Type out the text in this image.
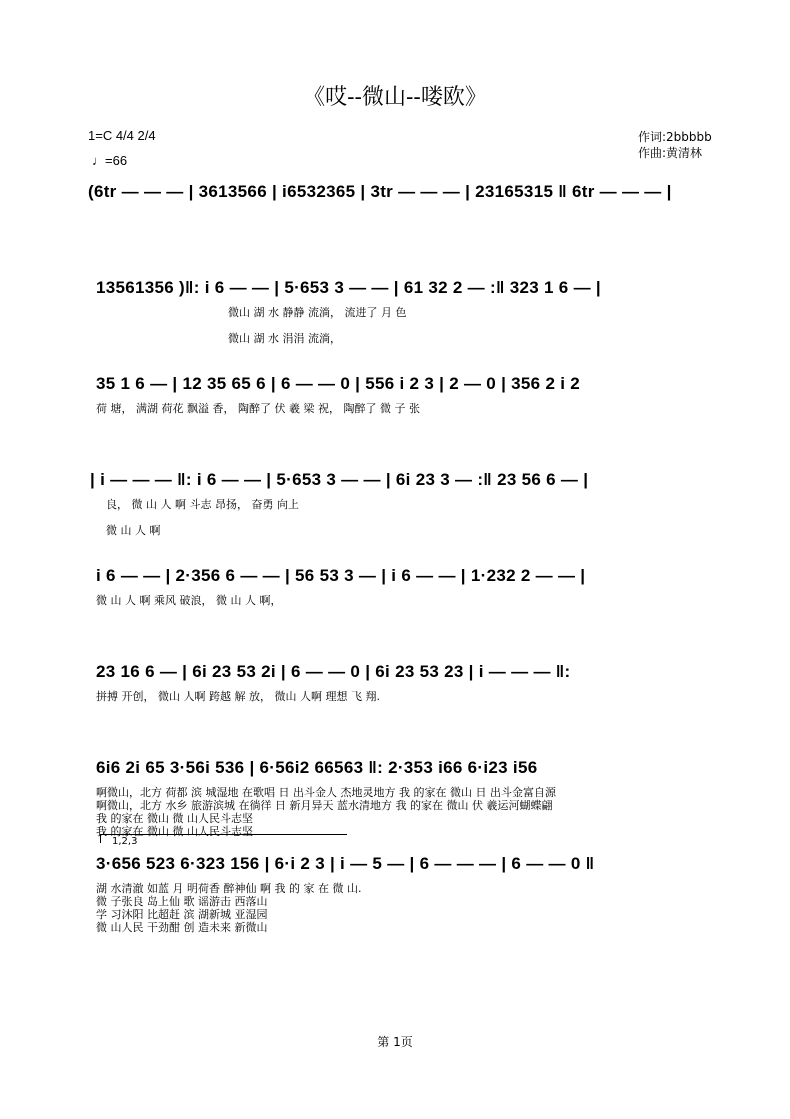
《哎--微山--喽欧》
1=C 4/4 2/4
♩=66
作词:2bbbbb
作曲:黄清林
(6tr — — — | 3613566 | i6532365 | 3tr — — — | 23165315 ‖ 6tr — — — |
13561356 )‖: i 6 — — | 5·653 3 — — | 61 32 2 — :‖ 323 1 6 — |
微山 湖 水 静静 流淌， 流进了 月 色
微山 湖 水 涓涓 流淌，
35 1 6 — | 12 35 65 6 | 6 — — 0 | 556 i 2 3 | 2 — 0 | 356 2 i 2
荷 塘， 满湖 荷花 飘溢 香， 陶醉了 伏 羲 梁 祝， 陶醉了 微 子 张
| i — — — ‖: i 6 — — | 5·653 3 — — | 6i 23 3 — :‖ 23 56 6 — |
良， 微 山 人 啊 斗志 昂扬， 奋勇 向上
微 山 人 啊
i 6 — — | 2·356 6 — — | 56 53 3 — | i 6 — — | 1·232 2 — — |
微 山 人 啊 乘风 破浪， 微 山 人 啊，
23 16 6 — | 6i 23 53 2i | 6 — — 0 | 6i 23 53 23 | i — — — ‖:
拼搏 开创， 微山 人啊 跨越 解 放， 微山 人啊 理想 飞 翔.
6i6 2i 65 3·56i 536 | 6·56i2 66563 ‖: 2·353 i66 6·i23 i56
啊微山，北方 荷都 滨 城湿地 在歌唱 日 出斗金人 杰地灵地方 我 的家在 微山 日 出斗金富自源
啊微山，北方 水乡 旅游滨城 在徜徉 日 新月异天 蓝水清地方 我 的家在 微山 伏 羲运河蝴蝶翩
我 的家在 微山 微 山人民斗志坚
我 的家在 微山 微 山人民斗志坚
1,2,3
3·656 523 6·323 156 | 6·i 2 3 | i — 5 — | 6 — — — | 6 — — 0 ‖
湖 水清澈 如蓝 月 明荷香 醉神仙 啊 我 的 家 在 微 山.
微 子张良 岛上仙 歌 谣游击 西落山
学 习沐阳 比超赶 滨 湖新城 亚湿园
微 山人民 干劲酣 创 造未来 新微山
第 1页
